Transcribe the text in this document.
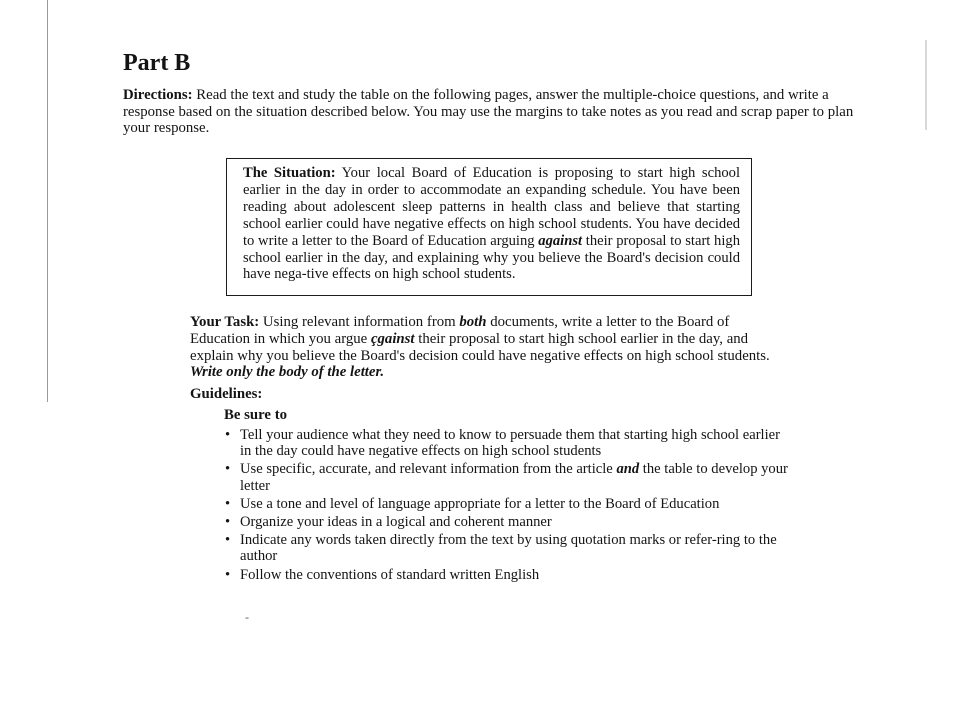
Part B
Directions: Read the text and study the table on the following pages, answer the multiple-choice questions, and write a response based on the situation described below. You may use the margins to take notes as you read and scrap paper to plan your response.
The Situation: Your local Board of Education is proposing to start high school earlier in the day in order to accommodate an expanding schedule. You have been reading about adolescent sleep patterns in health class and believe that starting school earlier could have negative effects on high school students. You have decided to write a letter to the Board of Education arguing against their proposal to start high school earlier in the day, and explaining why you believe the Board's decision could have nega-tive effects on high school students.
Your Task: Using relevant information from both documents, write a letter to the Board of Education in which you argue çgainst their proposal to start high school earlier in the day, and explain why you believe the Board's decision could have negative effects on high school students. Write only the body of the letter.
Guidelines:
Be sure to
• Tell your audience what they need to know to persuade them that starting high school earlier in the day could have negative effects on high school students
• Use specific, accurate, and relevant information from the article and the table to develop your letter
• Use a tone and level of language appropriate for a letter to the Board of Education
• Organize your ideas in a logical and coherent manner
• Indicate any words taken directly from the text by using quotation marks or refer-ring to the author
• Follow the conventions of standard written English
-
